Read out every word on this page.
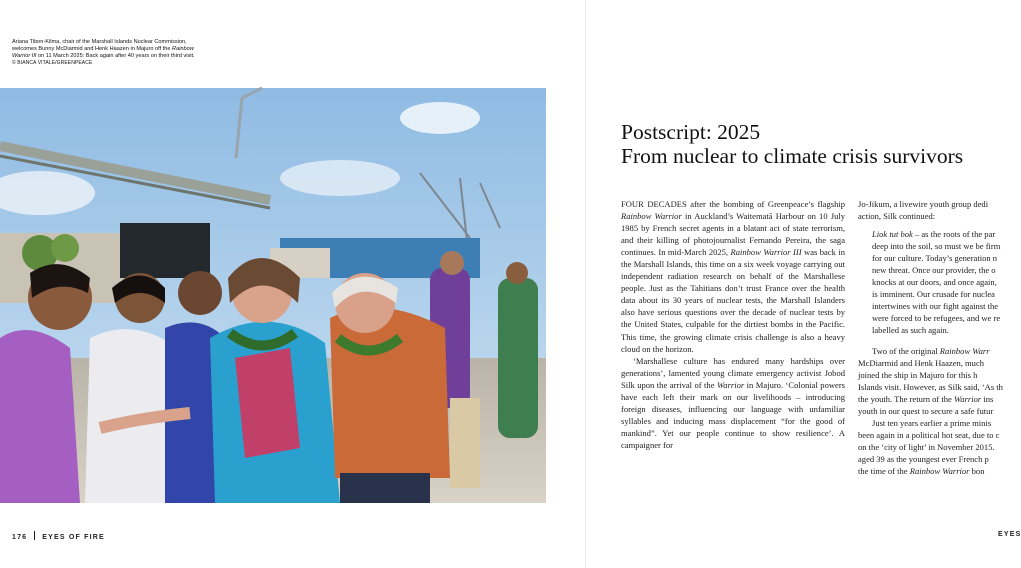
Ariana Tibon-Kilma, chair of the Marshall Islands Nuclear Commission,
welcomes Bunny McDiarmid and Henk Haazen in Majuro off the Rainbow
Warrior III on 11 March 2025: Back again after 40 years on their third visit.
© BIANCA VITALE/GREENPEACE
176 EYES OF FIRE	EYES
Postscript: 2025
From nuclear to climate crisis survivors

FOUR DECADES after the bombing of Greenpeace’s flagship Rainbow Warrior in Auckland’s Waitematā Harbour on 10 July 1985 by French secret agents in a blatant act of state terrorism, and their killing of photojournalist Fernando Pereira, the saga continues. In mid-March 2025, Rainbow Warrior III was back in the Marshall Islands, this time on a six week voyage carrying out independent radiation research on behalf of the Marshallese people. Just as the Tahitians don’t trust France over the health data about its 30 years of nuclear tests, the Marshall Islanders also have serious questions over the decade of nuclear tests by the United States, culpable for the dirtiest bombs in the Pacific. This time, the growing climate crisis challenge is also a heavy cloud on the horizon.

‘Marshallese culture has endured many hardships over generations’, lamented young climate emergency activist Jobod Silk upon the arrival of the Warrior in Majuro. ‘Colonial powers have each left their mark on our livelihoods – introducing foreign diseases, influencing our language with unfamiliar syllables and inducing mass displacement “for the good of mankind”. Yet our people continue to show resilience’. A campaigner for

Jo-Jikum, a livewire youth group dedi
action, Silk continued:

Liok tut bok – as the roots of the par
deep into the soil, so must we be firm
for our culture. Today’s generation n
new threat. Once our provider, the o
knocks at our doors, and once again,
is imminent. Our crusade for nuclea
intertwines with our fight against the
were forced to be refugees, and we re
labelled as such again.

Two of the original Rainbow Warr
McDiarmid and Henk Haazen, much
joined the ship in Majuro for this h
Islands visit. However, as Silk said, ‘As th
the youth. The return of the Warrior ins
youth in our quest to secure a safe futur

Just ten years earlier a prime minis
been again in a political hot seat, due to c
on the ‘city of light’ in November 2015.
aged 39 as the youngest ever French p
the time of the Rainbow Warrior bon
